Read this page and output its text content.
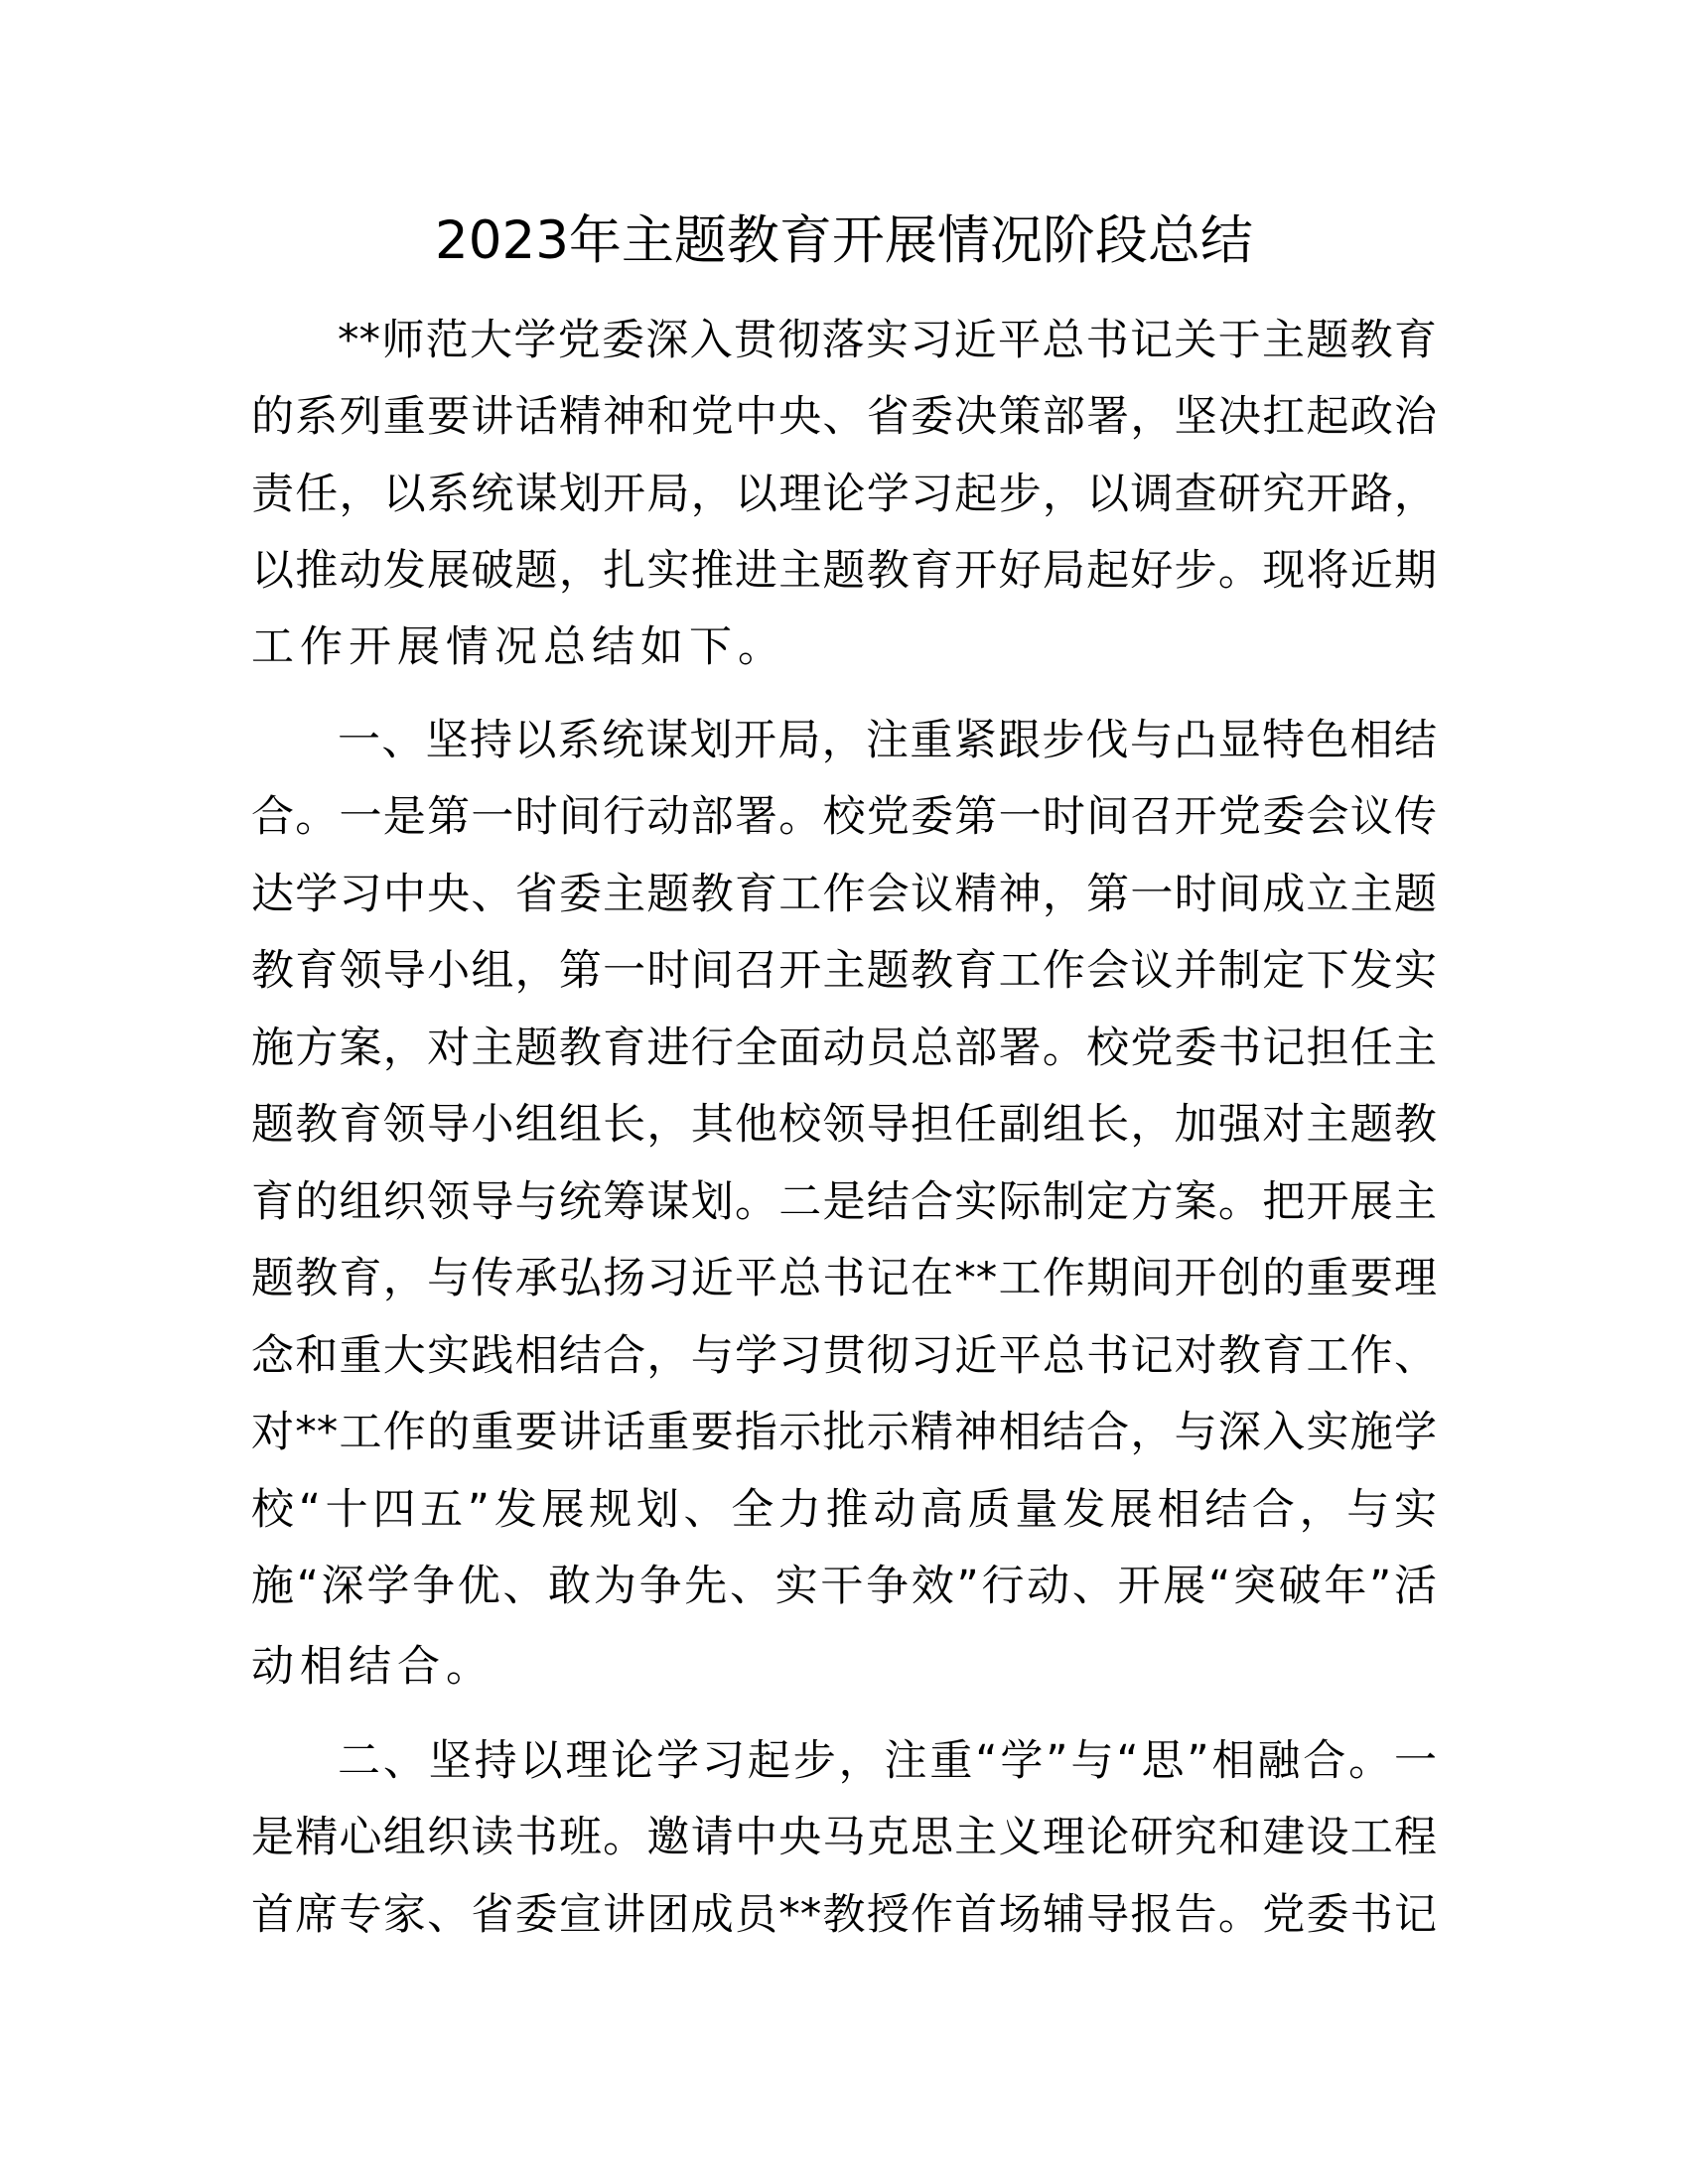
2023年主题教育开展情况阶段总结
**师范大学党委深入贯彻落实习近平总书记关于主题教育
的系列重要讲话精神和党中央、省委决策部署，坚决扛起政治
责任，以系统谋划开局，以理论学习起步，以调查研究开路，
以推动发展破题，扎实推进主题教育开好局起好步。现将近期
工作开展情况总结如下。
一、坚持以系统谋划开局，注重紧跟步伐与凸显特色相结
合。一是第一时间行动部署。校党委第一时间召开党委会议传
达学习中央、省委主题教育工作会议精神，第一时间成立主题
教育领导小组，第一时间召开主题教育工作会议并制定下发实
施方案，对主题教育进行全面动员总部署。校党委书记担任主
题教育领导小组组长，其他校领导担任副组长，加强对主题教
育的组织领导与统筹谋划。二是结合实际制定方案。把开展主
题教育，与传承弘扬习近平总书记在**工作期间开创的重要理
念和重大实践相结合，与学习贯彻习近平总书记对教育工作、
对**工作的重要讲话重要指示批示精神相结合，与深入实施学
校“十四五”发展规划、全力推动高质量发展相结合，与实
施“深学争优、敢为争先、实干争效”行动、开展“突破年”活
动相结合。
二、坚持以理论学习起步，注重“学”与“思”相融合。一
是精心组织读书班。邀请中央马克思主义理论研究和建设工程
首席专家、省委宣讲团成员**教授作首场辅导报告。党委书记
